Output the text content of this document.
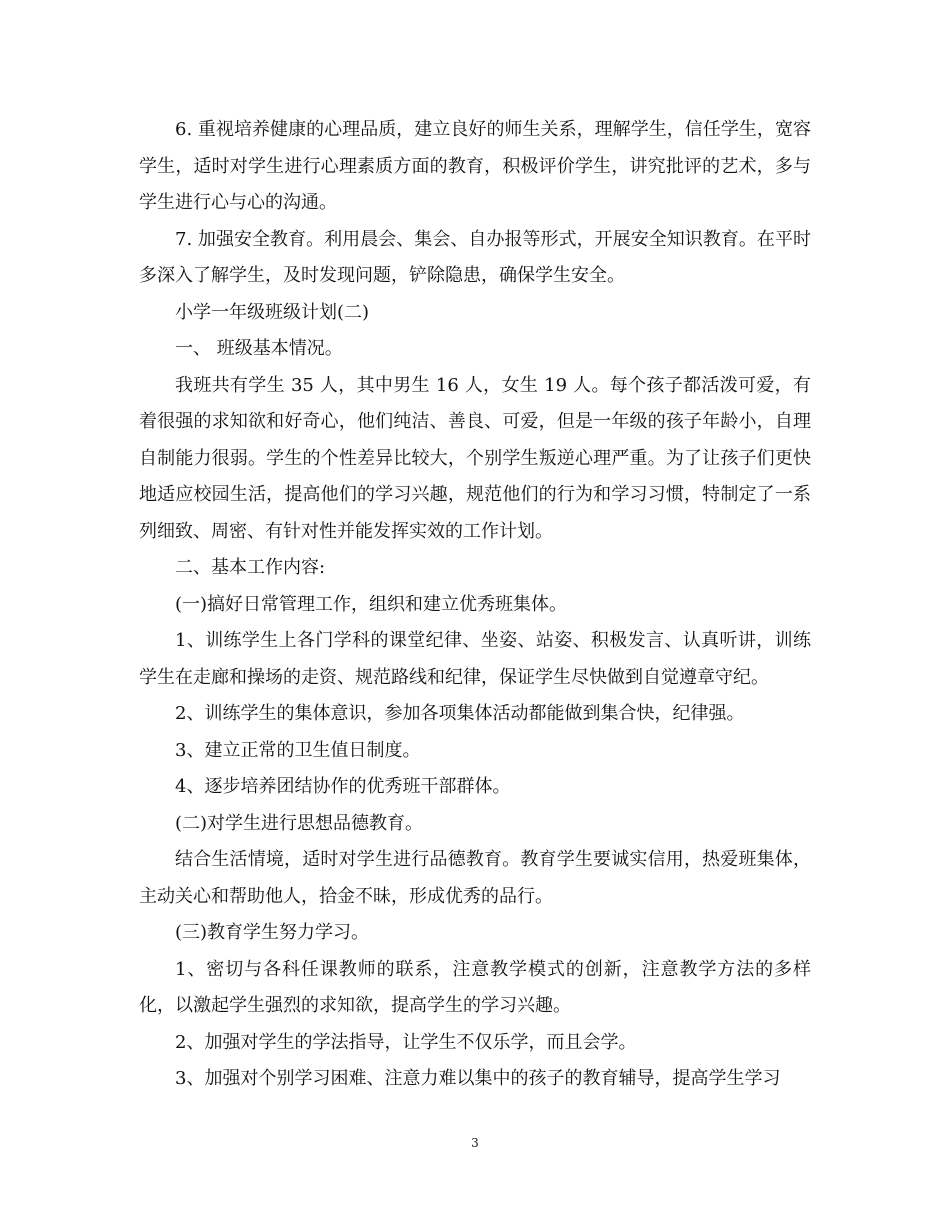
6. 重视培养健康的心理品质，建立良好的师生关系，理解学生，信任学生，宽容学生，适时对学生进行心理素质方面的教育，积极评价学生，讲究批评的艺术，多与学生进行心与心的沟通。

7. 加强安全教育。利用晨会、集会、自办报等形式，开展安全知识教育。在平时多深入了解学生，及时发现问题，铲除隐患，确保学生安全。

小学一年级班级计划(二)

一、 班级基本情况。

我班共有学生 35 人，其中男生 16 人，女生 19 人。每个孩子都活泼可爱，有着很强的求知欲和好奇心，他们纯洁、善良、可爱，但是一年级的孩子年龄小，自理自制能力很弱。学生的个性差异比较大，个别学生叛逆心理严重。为了让孩子们更快地适应校园生活，提高他们的学习兴趣，规范他们的行为和学习习惯，特制定了一系列细致、周密、有针对性并能发挥实效的工作计划。

二、基本工作内容:

(一)搞好日常管理工作，组织和建立优秀班集体。

1、训练学生上各门学科的课堂纪律、坐姿、站姿、积极发言、认真听讲，训练学生在走廊和操场的走资、规范路线和纪律，保证学生尽快做到自觉遵章守纪。

2、训练学生的集体意识，参加各项集体活动都能做到集合快，纪律强。

3、建立正常的卫生值日制度。

4、逐步培养团结协作的优秀班干部群体。

(二)对学生进行思想品德教育。

结合生活情境，适时对学生进行品德教育。教育学生要诚实信用，热爱班集体，主动关心和帮助他人，拾金不昧，形成优秀的品行。

(三)教育学生努力学习。

1、密切与各科任课教师的联系，注意教学模式的创新，注意教学方法的多样化，以激起学生强烈的求知欲，提高学生的学习兴趣。

2、加强对学生的学法指导，让学生不仅乐学，而且会学。

3、加强对个别学习困难、注意力难以集中的孩子的教育辅导，提高学生学习

3
